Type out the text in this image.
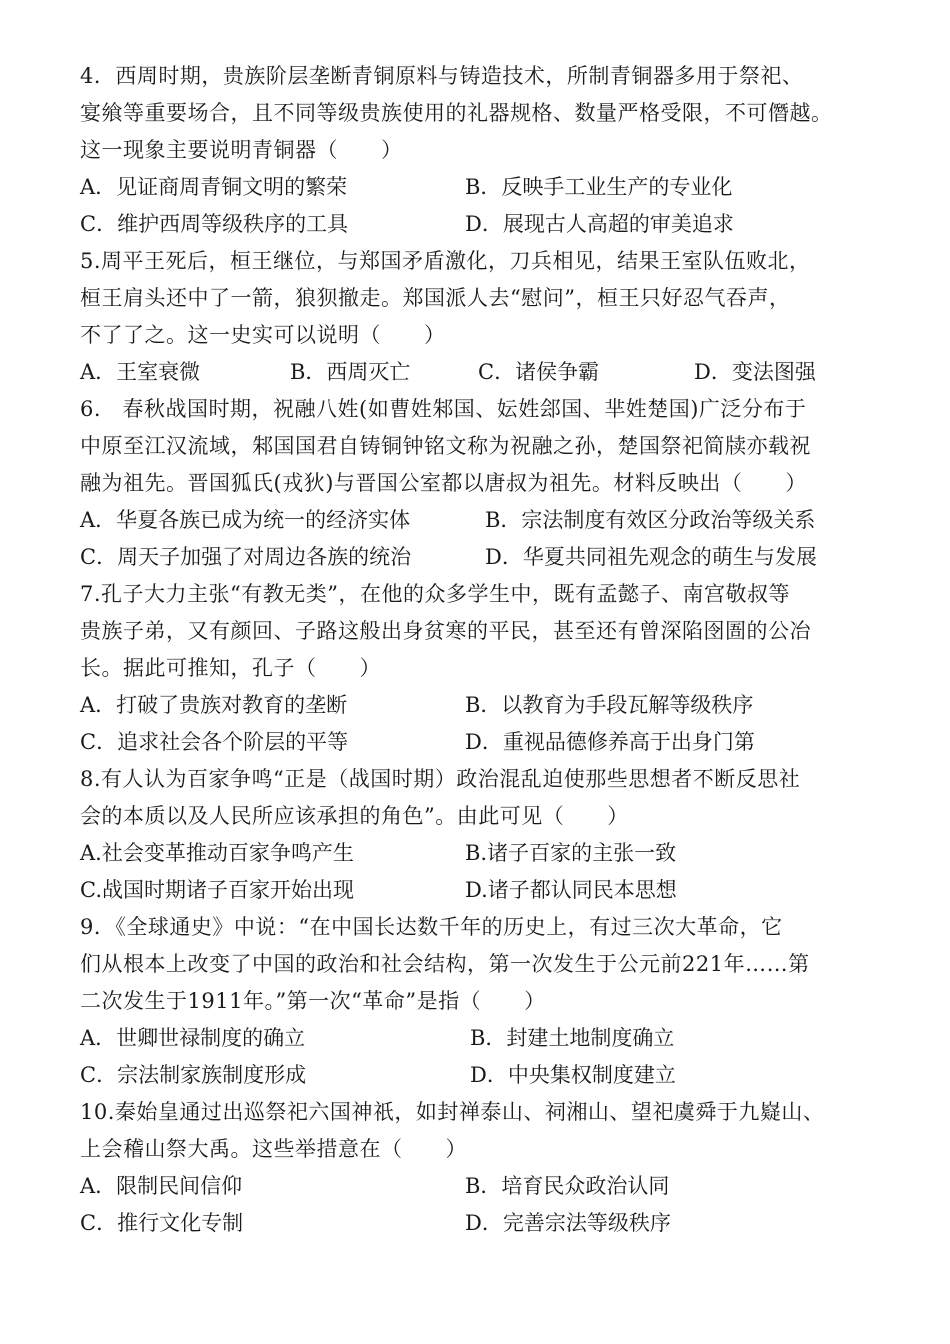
4．西周时期，贵族阶层垄断青铜原料与铸造技术，所制青铜器多用于祭祀、
宴飨等重要场合，且不同等级贵族使用的礼器规格、数量严格受限，不可僭越。
这一现象主要说明青铜器（　　）
A．见证商周青铜文明的繁荣	B．反映手工业生产的专业化
C．维护西周等级秩序的工具	D．展现古人高超的审美追求
5.周平王死后，桓王继位，与郑国矛盾激化，刀兵相见，结果王室队伍败北，
桓王肩头还中了一箭，狼狈撤走。郑国派人去“慰问”，桓王只好忍气吞声，
不了了之。这一史实可以说明（　　）
A．王室衰微	B．西周灭亡	C．诸侯争霸	D．变法图强
6.　春秋战国时期，祝融八姓(如曹姓邾国、妘姓郐国、芈姓楚国)广泛分布于
中原至江汉流域，邾国国君自铸铜钟铭文称为祝融之孙，楚国祭祀简牍亦载祝
融为祖先。晋国狐氏(戎狄)与晋国公室都以唐叔为祖先。材料反映出（　　）
A．华夏各族已成为统一的经济实体	B．宗法制度有效区分政治等级关系
C．周天子加强了对周边各族的统治	D．华夏共同祖先观念的萌生与发展
7.孔子大力主张“有教无类”，在他的众多学生中，既有孟懿子、南宫敬叔等
贵族子弟，又有颜回、子路这般出身贫寒的平民，甚至还有曾深陷囹圄的公冶
长。据此可推知，孔子（　　）
A．打破了贵族对教育的垄断	B．以教育为手段瓦解等级秩序
C．追求社会各个阶层的平等	D．重视品德修养高于出身门第
8.有人认为百家争鸣“正是（战国时期）政治混乱迫使那些思想者不断反思社
会的本质以及人民所应该承担的角色”。由此可见（　　）
A.社会变革推动百家争鸣产生	B.诸子百家的主张一致
C.战国时期诸子百家开始出现	D.诸子都认同民本思想
9．《全球通史》中说：“在中国长达数千年的历史上，有过三次大革命，它
们从根本上改变了中国的政治和社会结构，第一次发生于公元前221年……第
二次发生于1911年。”第一次“革命”是指（　　）
A．世卿世禄制度的确立	B．封建土地制度确立
C．宗法制家族制度形成	D．中央集权制度建立
10.秦始皇通过出巡祭祀六国神祇，如封禅泰山、祠湘山、望祀虞舜于九嶷山、
上会稽山祭大禹。这些举措意在（　　）
A．限制民间信仰	B．培育民众政治认同
C．推行文化专制	D．完善宗法等级秩序
